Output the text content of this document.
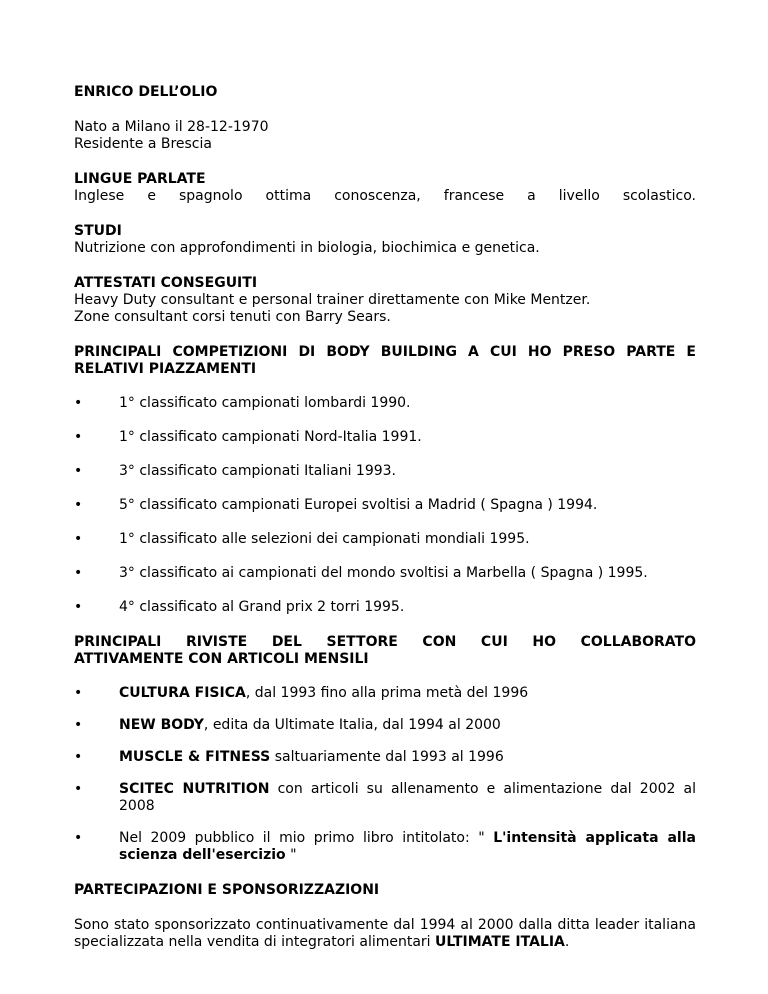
ENRICO DELL’OLIO

Nato a Milano il 28-12-1970

Residente a Brescia

LINGUE PARLATE

Inglese e spagnolo ottima conoscenza, francese a livello scolastico.

STUDI

Nutrizione con approfondimenti in biologia, biochimica e genetica.

ATTESTATI CONSEGUITI

Heavy Duty consultant e personal trainer direttamente con Mike Mentzer.

Zone consultant corsi tenuti con Barry Sears.

PRINCIPALI COMPETIZIONI DI BODY BUILDING A CUI HO PRESO PARTE E RELATIVI PIAZZAMENTI

•	1° classificato campionati lombardi 1990.
•	1° classificato campionati Nord-Italia 1991.
•	3° classificato campionati Italiani 1993.
•	5° classificato campionati Europei svoltisi a Madrid ( Spagna ) 1994.
•	1° classificato alle selezioni dei campionati mondiali 1995.
•	3° classificato ai campionati del mondo svoltisi a Marbella ( Spagna ) 1995.
•	4° classificato al Grand prix 2 torri 1995.

PRINCIPALI RIVISTE DEL SETTORE CON CUI HO COLLABORATO

ATTIVAMENTE CON ARTICOLI MENSILI

•	CULTURA FISICA, dal 1993 fino alla prima metà del 1996
•	NEW BODY, edita da Ultimate Italia, dal 1994 al 2000
•	MUSCLE & FITNESS saltuariamente dal 1993 al 1996
•	SCITEC NUTRITION con articoli su allenamento e alimentazione dal 2002 al 2008
•	Nel 2009 pubblico il mio primo libro intitolato: " L'intensità applicata alla scienza dell'esercizio "

PARTECIPAZIONI E SPONSORIZZAZIONI

Sono stato sponsorizzato continuativamente dal 1994 al 2000 dalla ditta leader italiana specializzata nella vendita di integratori alimentari ULTIMATE ITALIA.
